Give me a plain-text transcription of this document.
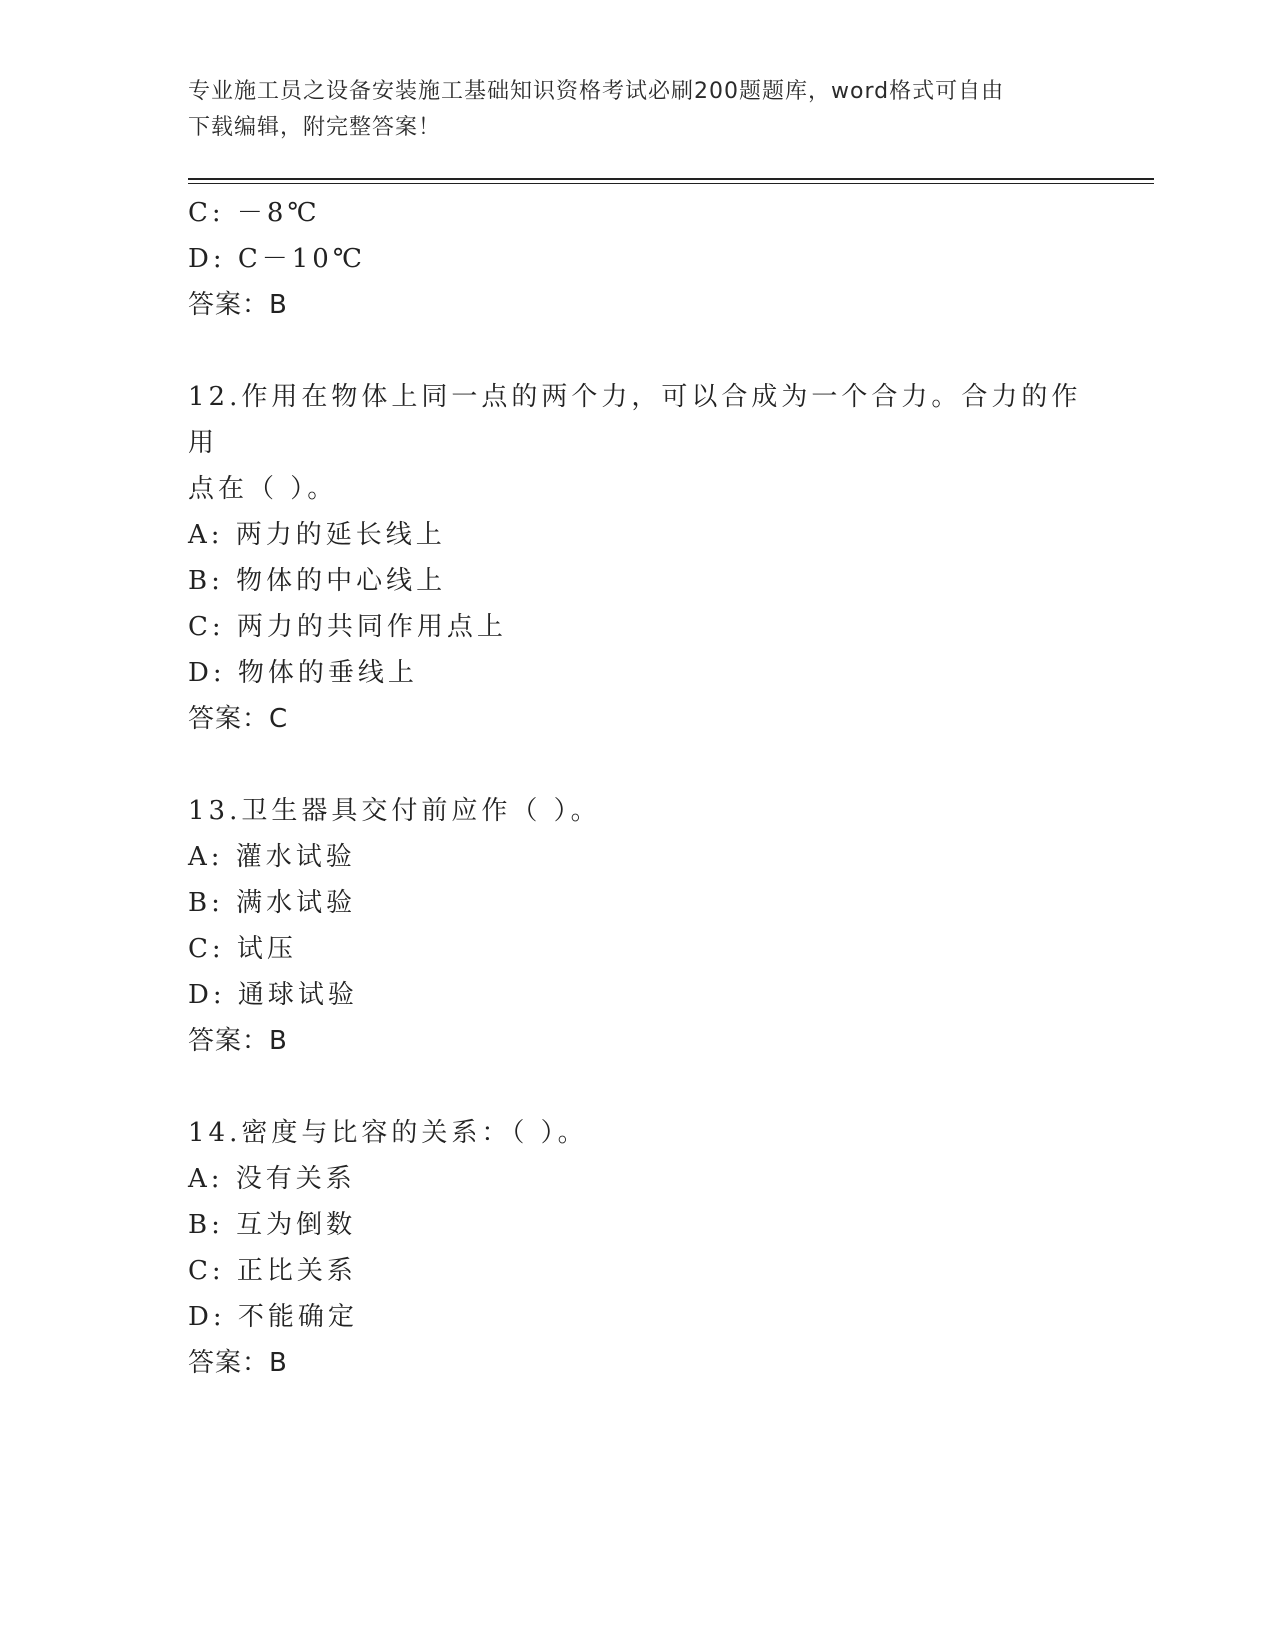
专业施工员之设备安装施工基础知识资格考试必刷200题题库，word格式可自由
下载编辑，附完整答案！
C: －8℃
D: C－10℃
答案：B
12.作用在物体上同一点的两个力，可以合成为一个合力。合力的作用
点在（ ）。
A: 两力的延长线上
B: 物体的中心线上
C: 两力的共同作用点上
D: 物体的垂线上
答案：C
13.卫生器具交付前应作（ ）。
A: 灌水试验
B: 满水试验
C: 试压
D: 通球试验
答案：B
14.密度与比容的关系：（ ）。
A: 没有关系
B: 互为倒数
C: 正比关系
D: 不能确定
答案：B
